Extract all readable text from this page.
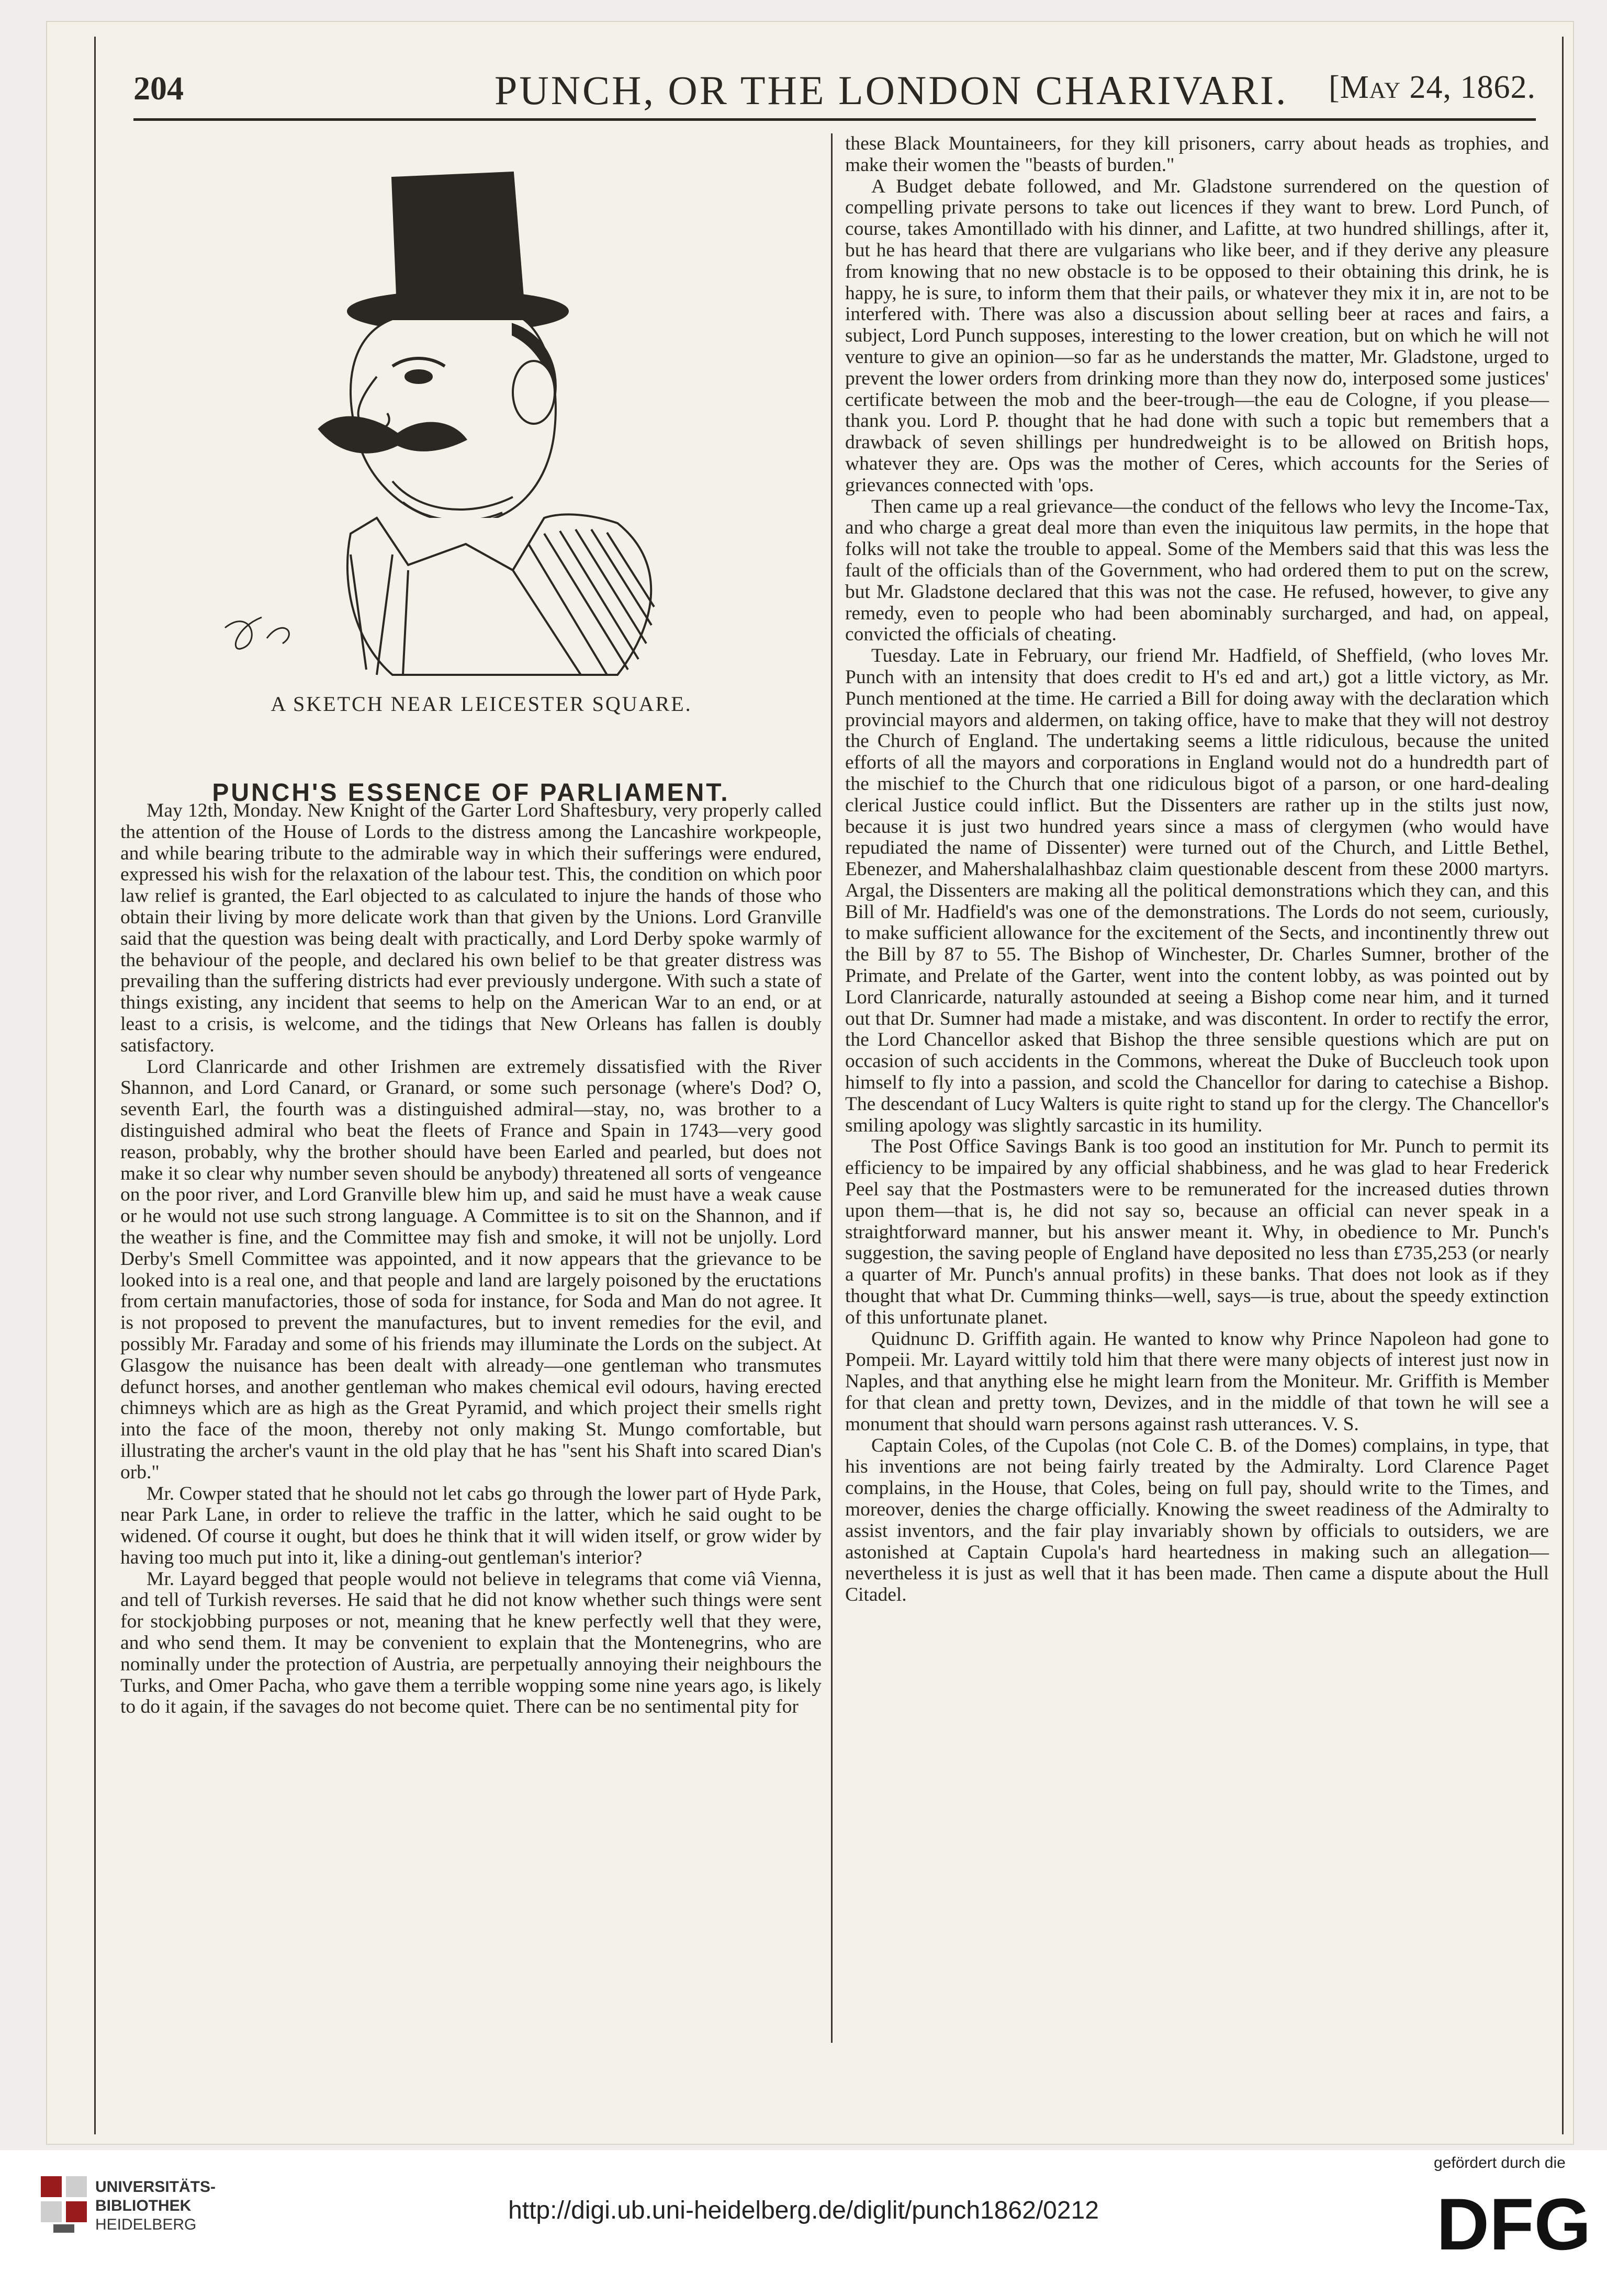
204	PUNCH, OR THE LONDON CHARIVARI. [May 24, 1862.
A SKETCH NEAR LEICESTER SQUARE.
PUNCH'S ESSENCE OF PARLIAMENT.

May 12th, Monday. New Knight of the Garter Lord Shaftesbury, very properly called the attention of the House of Lords to the distress among the Lancashire workpeople, and while bearing tribute to the admirable way in which their sufferings were endured, expressed his wish for the relaxation of the labour test. This, the condition on which poor law relief is granted, the Earl objected to as calculated to injure the hands of those who obtain their living by more delicate work than that given by the Unions. Lord Granville said that the question was being dealt with practically, and Lord Derby spoke warmly of the behaviour of the people, and declared his own belief to be that greater distress was prevailing than the suffering districts had ever previously undergone. With such a state of things existing, any incident that seems to help on the American War to an end, or at least to a crisis, is welcome, and the tidings that New Orleans has fallen is doubly satisfactory.

Lord Clanricarde and other Irishmen are extremely dissatisfied with the River Shannon, and Lord Canard, or Granard, or some such personage (where's Dod? O, seventh Earl, the fourth was a distinguished admiral—stay, no, was brother to a distinguished admiral who beat the fleets of France and Spain in 1743—very good reason, probably, why the brother should have been Earled and pearled, but does not make it so clear why number seven should be anybody) threatened all sorts of vengeance on the poor river, and Lord Granville blew him up, and said he must have a weak cause or he would not use such strong language. A Committee is to sit on the Shannon, and if the weather is fine, and the Committee may fish and smoke, it will not be unjolly. Lord Derby's Smell Committee was appointed, and it now appears that the grievance to be looked into is a real one, and that people and land are largely poisoned by the eructations from certain manufactories, those of soda for instance, for Soda and Man do not agree. It is not proposed to prevent the manufactures, but to invent remedies for the evil, and possibly Mr. Faraday and some of his friends may illuminate the Lords on the subject. At Glasgow the nuisance has been dealt with already—one gentleman who transmutes defunct horses, and another gentleman who makes chemical evil odours, having erected chimneys which are as high as the Great Pyramid, and which project their smells right into the face of the moon, thereby not only making St. Mungo comfortable, but illustrating the archer's vaunt in the old play that he has "sent his Shaft into scared Dian's orb."

Mr. Cowper stated that he should not let cabs go through the lower part of Hyde Park, near Park Lane, in order to relieve the traffic in the latter, which he said ought to be widened. Of course it ought, but does he think that it will widen itself, or grow wider by having too much put into it, like a dining-out gentleman's interior?

Mr. Layard begged that people would not believe in telegrams that come viâ Vienna, and tell of Turkish reverses. He said that he did not know whether such things were sent for stockjobbing purposes or not, meaning that he knew perfectly well that they were, and who send them. It may be convenient to explain that the Montenegrins, who are nominally under the protection of Austria, are perpetually annoying their neighbours the Turks, and Omer Pacha, who gave them a terrible wopping some nine years ago, is likely to do it again, if the savages do not become quiet. There can be no sentimental pity for

these Black Mountaineers, for they kill prisoners, carry about heads as trophies, and make their women the "beasts of burden."

A Budget debate followed, and Mr. Gladstone surrendered on the question of compelling private persons to take out licences if they want to brew. Lord Punch, of course, takes Amontillado with his dinner, and Lafitte, at two hundred shillings, after it, but he has heard that there are vulgarians who like beer, and if they derive any pleasure from knowing that no new obstacle is to be opposed to their obtaining this drink, he is happy, he is sure, to inform them that their pails, or whatever they mix it in, are not to be interfered with. There was also a discussion about selling beer at races and fairs, a subject, Lord Punch supposes, interesting to the lower creation, but on which he will not venture to give an opinion—so far as he understands the matter, Mr. Gladstone, urged to prevent the lower orders from drinking more than they now do, interposed some justices' certificate between the mob and the beer-trough—the eau de Cologne, if you please—thank you. Lord P. thought that he had done with such a topic but remembers that a drawback of seven shillings per hundredweight is to be allowed on British hops, whatever they are. Ops was the mother of Ceres, which accounts for the Series of grievances connected with 'ops.

Then came up a real grievance—the conduct of the fellows who levy the Income-Tax, and who charge a great deal more than even the iniquitous law permits, in the hope that folks will not take the trouble to appeal. Some of the Members said that this was less the fault of the officials than of the Government, who had ordered them to put on the screw, but Mr. Gladstone declared that this was not the case. He refused, however, to give any remedy, even to people who had been abominably surcharged, and had, on appeal, convicted the officials of cheating.

Tuesday. Late in February, our friend Mr. Hadfield, of Sheffield, (who loves Mr. Punch with an intensity that does credit to H's ed and art,) got a little victory, as Mr. Punch mentioned at the time. He carried a Bill for doing away with the declaration which provincial mayors and aldermen, on taking office, have to make that they will not destroy the Church of England. The undertaking seems a little ridiculous, because the united efforts of all the mayors and corporations in England would not do a hundredth part of the mischief to the Church that one ridiculous bigot of a parson, or one hard-dealing clerical Justice could inflict. But the Dissenters are rather up in the stilts just now, because it is just two hundred years since a mass of clergymen (who would have repudiated the name of Dissenter) were turned out of the Church, and Little Bethel, Ebenezer, and Mahershalalhashbaz claim questionable descent from these 2000 martyrs. Argal, the Dissenters are making all the political demonstrations which they can, and this Bill of Mr. Hadfield's was one of the demonstrations. The Lords do not seem, curiously, to make sufficient allowance for the excitement of the Sects, and incontinently threw out the Bill by 87 to 55. The Bishop of Winchester, Dr. Charles Sumner, brother of the Primate, and Prelate of the Garter, went into the content lobby, as was pointed out by Lord Clanricarde, naturally astounded at seeing a Bishop come near him, and it turned out that Dr. Sumner had made a mistake, and was discontent. In order to rectify the error, the Lord Chancellor asked that Bishop the three sensible questions which are put on occasion of such accidents in the Commons, whereat the Duke of Buccleuch took upon himself to fly into a passion, and scold the Chancellor for daring to catechise a Bishop. The descendant of Lucy Walters is quite right to stand up for the clergy. The Chancellor's smiling apology was slightly sarcastic in its humility.

The Post Office Savings Bank is too good an institution for Mr. Punch to permit its efficiency to be impaired by any official shabbiness, and he was glad to hear Frederick Peel say that the Postmasters were to be remunerated for the increased duties thrown upon them—that is, he did not say so, because an official can never speak in a straightforward manner, but his answer meant it. Why, in obedience to Mr. Punch's suggestion, the saving people of England have deposited no less than £735,253 (or nearly a quarter of Mr. Punch's annual profits) in these banks. That does not look as if they thought that what Dr. Cumming thinks—well, says—is true, about the speedy extinction of this unfortunate planet.

Quidnunc D. Griffith again. He wanted to know why Prince Napoleon had gone to Pompeii. Mr. Layard wittily told him that there were many objects of interest just now in Naples, and that anything else he might learn from the Moniteur. Mr. Griffith is Member for that clean and pretty town, Devizes, and in the middle of that town he will see a monument that should warn persons against rash utterances. V. S.

Captain Coles, of the Cupolas (not Cole C. B. of the Domes) complains, in type, that his inventions are not being fairly treated by the Admiralty. Lord Clarence Paget complains, in the House, that Coles, being on full pay, should write to the Times, and moreover, denies the charge officially. Knowing the sweet readiness of the Admiralty to assist inventors, and the fair play invariably shown by officials to outsiders, we are astonished at Captain Cupola's hard heartedness in making such an allegation—nevertheless it is just as well that it has been made. Then came a dispute about the Hull Citadel.

UNIVERSITÄTS-
BIBLIOTHEK
HEIDELBERG
http://digi.ub.uni-heidelberg.de/diglit/punch1862/0212
gefördert durch die
DFG
